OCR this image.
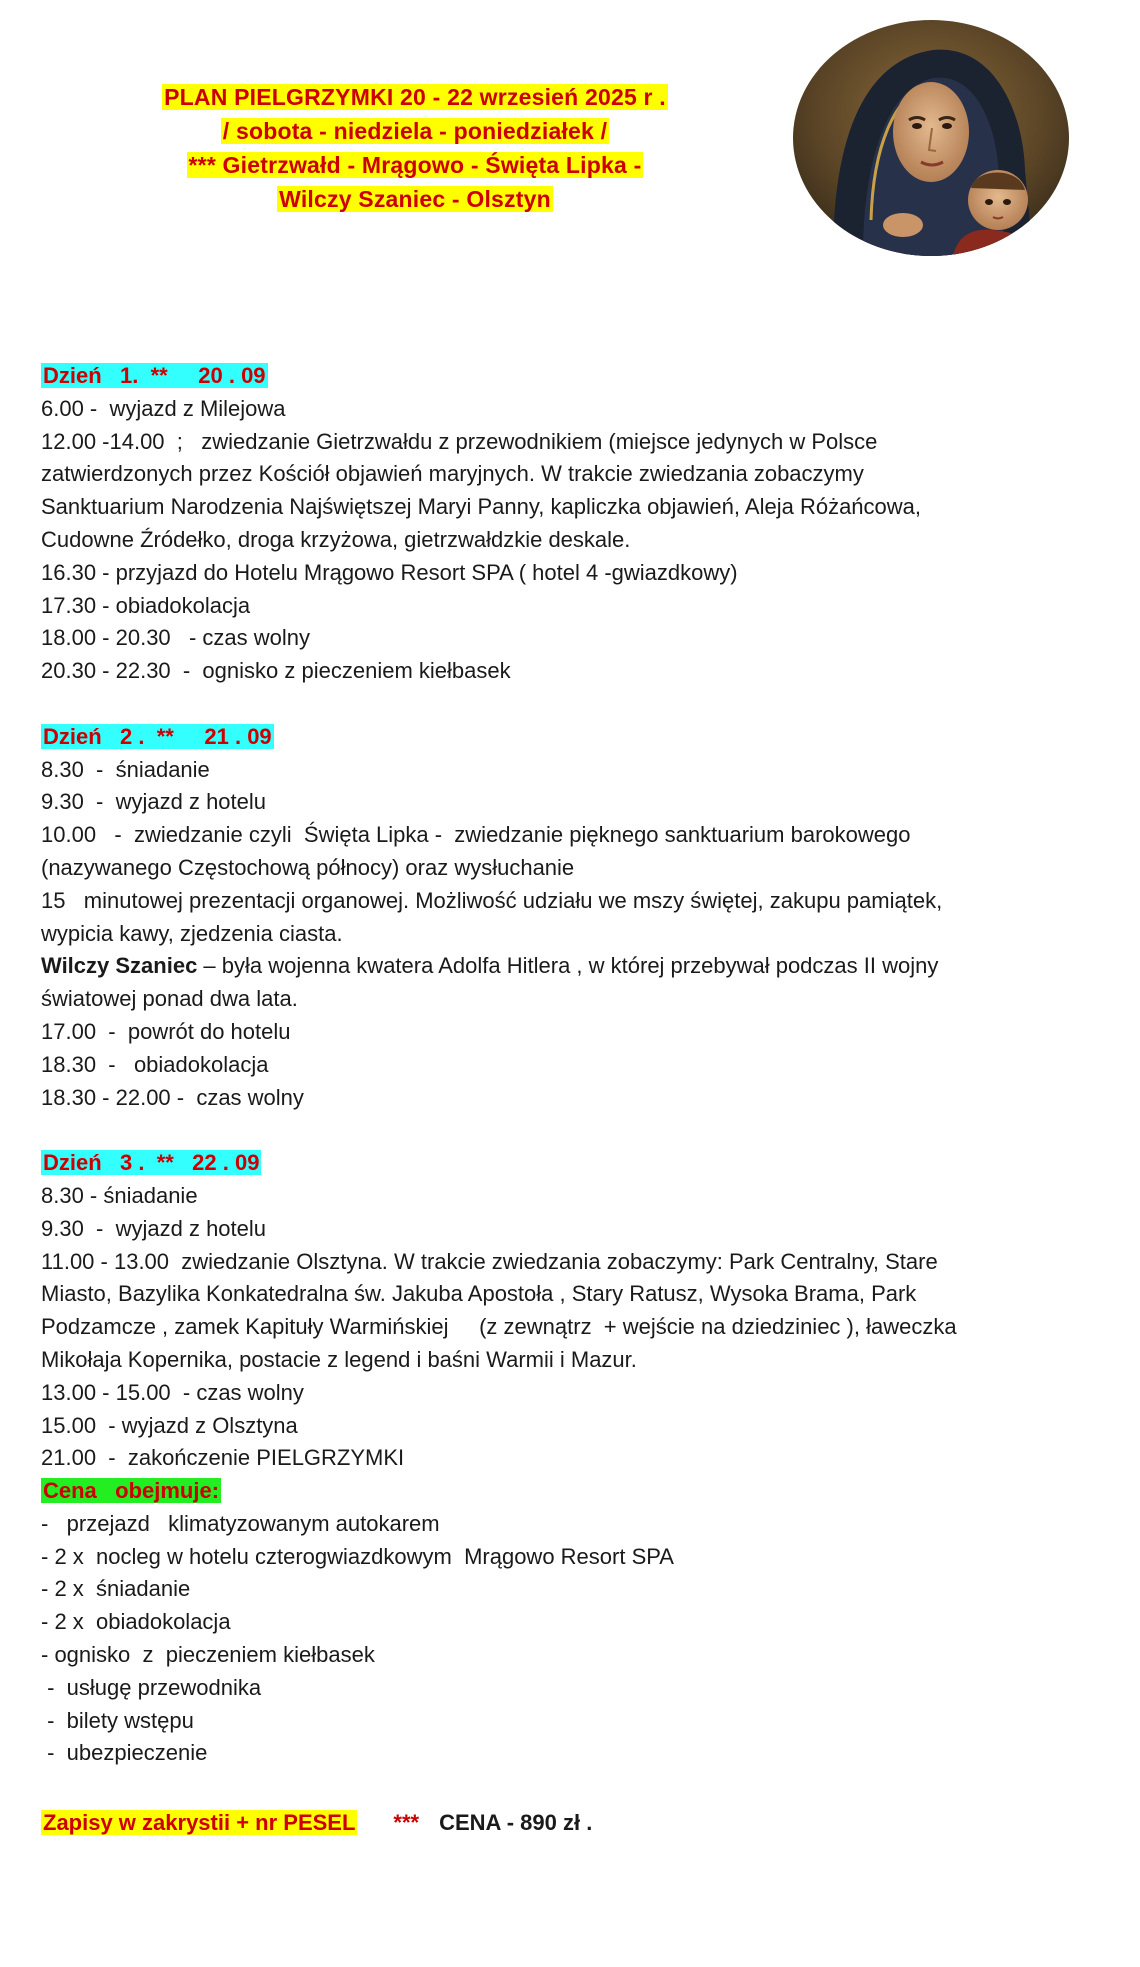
PLAN PIELGRZYMKI 20 - 22 wrzesień 2025 r .
/ sobota - niedziela - poniedziałek /
*** Gietrzwałd - Mrągowo - Święta Lipka -
Wilczy Szaniec - Olsztyn
Dzień   1.  **     20 . 09
6.00 -  wyjazd z Milejowa
12.00 -14.00  ;   zwiedzanie Gietrzwałdu z przewodnikiem (miejsce jedynych w Polsce
zatwierdzonych przez Kościół objawień maryjnych. W trakcie zwiedzania zobaczymy
Sanktuarium Narodzenia Najświętszej Maryi Panny, kapliczka objawień, Aleja Różańcowa,
Cudowne Źródełko, droga krzyżowa, gietrzwałdzkie deskale.
16.30 - przyjazd do Hotelu Mrągowo Resort SPA ( hotel 4 -gwiazdkowy)
17.30 - obiadokolacja
18.00 - 20.30   - czas wolny
20.30 - 22.30  -  ognisko z pieczeniem kiełbasek
Dzień   2 .  **     21 . 09
8.30  -  śniadanie
9.30  -  wyjazd z hotelu
10.00   -  zwiedzanie czyli  Święta Lipka -  zwiedzanie pięknego sanktuarium barokowego
(nazywanego Częstochową północy) oraz wysłuchanie
15   minutowej prezentacji organowej. Możliwość udziału we mszy świętej, zakupu pamiątek,
wypicia kawy, zjedzenia ciasta.
Wilczy Szaniec – była wojenna kwatera Adolfa Hitlera , w której przebywał podczas II wojny
światowej ponad dwa lata.
17.00  -  powrót do hotelu
18.30  -   obiadokolacja
18.30 - 22.00 -  czas wolny
Dzień   3 .  **   22 . 09
8.30 - śniadanie
9.30  -  wyjazd z hotelu
11.00 - 13.00  zwiedzanie Olsztyna. W trakcie zwiedzania zobaczymy: Park Centralny, Stare
Miasto, Bazylika Konkatedralna św. Jakuba Apostoła , Stary Ratusz, Wysoka Brama, Park
Podzamcze , zamek Kapituły Warmińskiej     (z zewnątrz  + wejście na dziedziniec ), ławeczka
Mikołaja Kopernika, postacie z legend i baśni Warmii i Mazur.
13.00 - 15.00  - czas wolny
15.00  - wyjazd z Olsztyna
21.00  -  zakończenie PIELGRZYMKI
Cena   obejmuje:
-   przejazd   klimatyzowanym autokarem
- 2 x  nocleg w hotelu czterogwiazdkowym  Mrągowo Resort SPA
- 2 x  śniadanie
- 2 x  obiadokolacja
- ognisko  z  pieczeniem kiełbasek
-  usługę przewodnika
-  bilety wstępu
-  ubezpieczenie
Zapisy w zakrystii + nr PESEL *** CENA - 890 zł .
